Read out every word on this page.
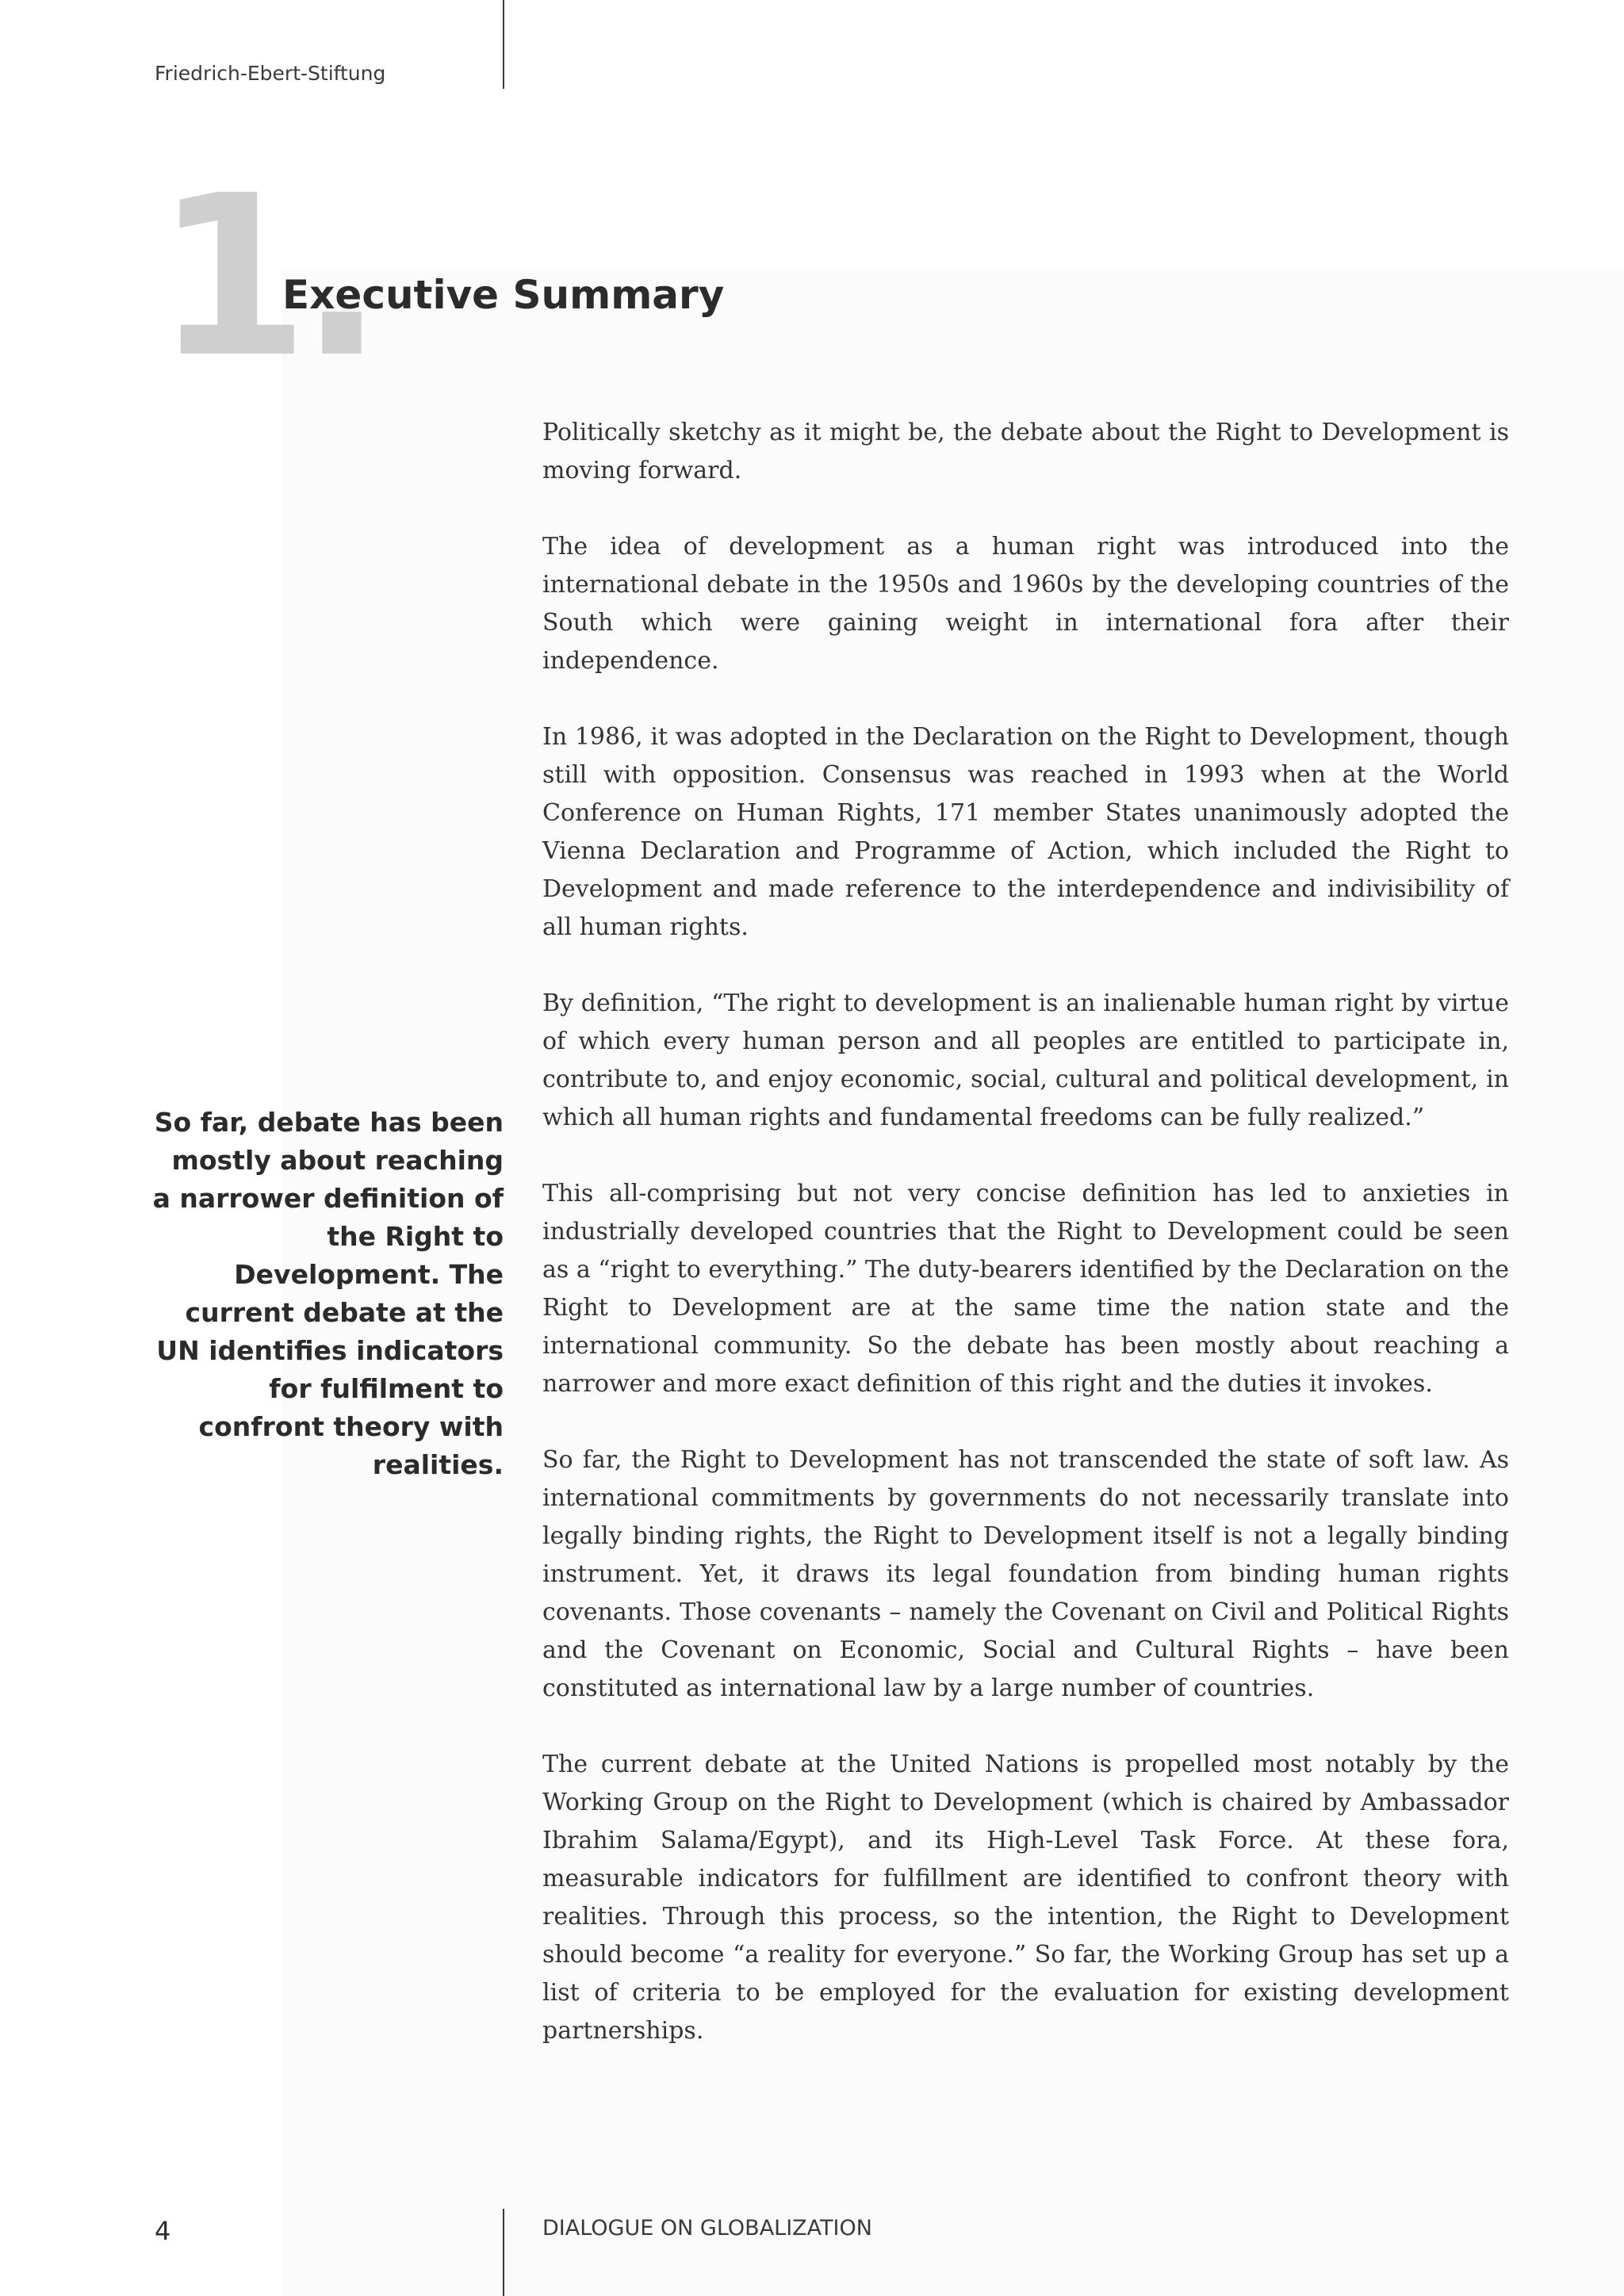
Friedrich-Ebert-Stiftung
1.
Executive Summary

Politically sketchy as it might be, the debate about the Right to Development is moving forward.

The idea of development as a human right was introduced into the international debate in the 1950s and 1960s by the developing countries of the South which were gaining weight in international fora after their independence.

In 1986, it was adopted in the Declaration on the Right to Development, though still with opposition. Consensus was reached in 1993 when at the World Conference on Human Rights, 171 member States unanimously adopted the Vienna Declaration and Programme of Action, which included the Right to Development and made reference to the interdependence and indivisibility of all human rights.

By definition, “The right to development is an inalienable human right by virtue of which every human person and all peoples are entitled to participate in, contribute to, and enjoy economic, social, cultural and political development, in which all human rights and fundamental freedoms can be fully realized.”

This all-comprising but not very concise definition has led to anxieties in industrially developed countries that the Right to Development could be seen as a “right to everything.” The duty-bearers identified by the Declaration on the Right to Development are at the same time the nation state and the international community. So the debate has been mostly about reaching a narrower and more exact definition of this right and the duties it invokes.

So far, the Right to Development has not transcended the state of soft law. As international commitments by governments do not necessarily translate into legally binding rights, the Right to Development itself is not a legally binding instrument. Yet, it draws its legal foundation from binding human rights covenants. Those covenants – namely the Covenant on Civil and Political Rights and the Covenant on Economic, Social and Cultural Rights – have been constituted as international law by a large number of countries.

The current debate at the United Nations is propelled most notably by the Working Group on the Right to Development (which is chaired by Ambassador Ibrahim Salama/Egypt), and its High-Level Task Force. At these fora, measurable indicators for fulfillment are identified to confront theory with realities. Through this process, so the intention, the Right to Development should become “a reality for everyone.” So far, the Working Group has set up a list of criteria to be employed for the evaluation for existing development partnerships.

So far, debate has been mostly about reaching a narrower definition of the Right to Development. The current debate at the UN identifies indicators for fulfilment to confront theory with realities.
4	DIALOGUE ON GLOBALIZATION
